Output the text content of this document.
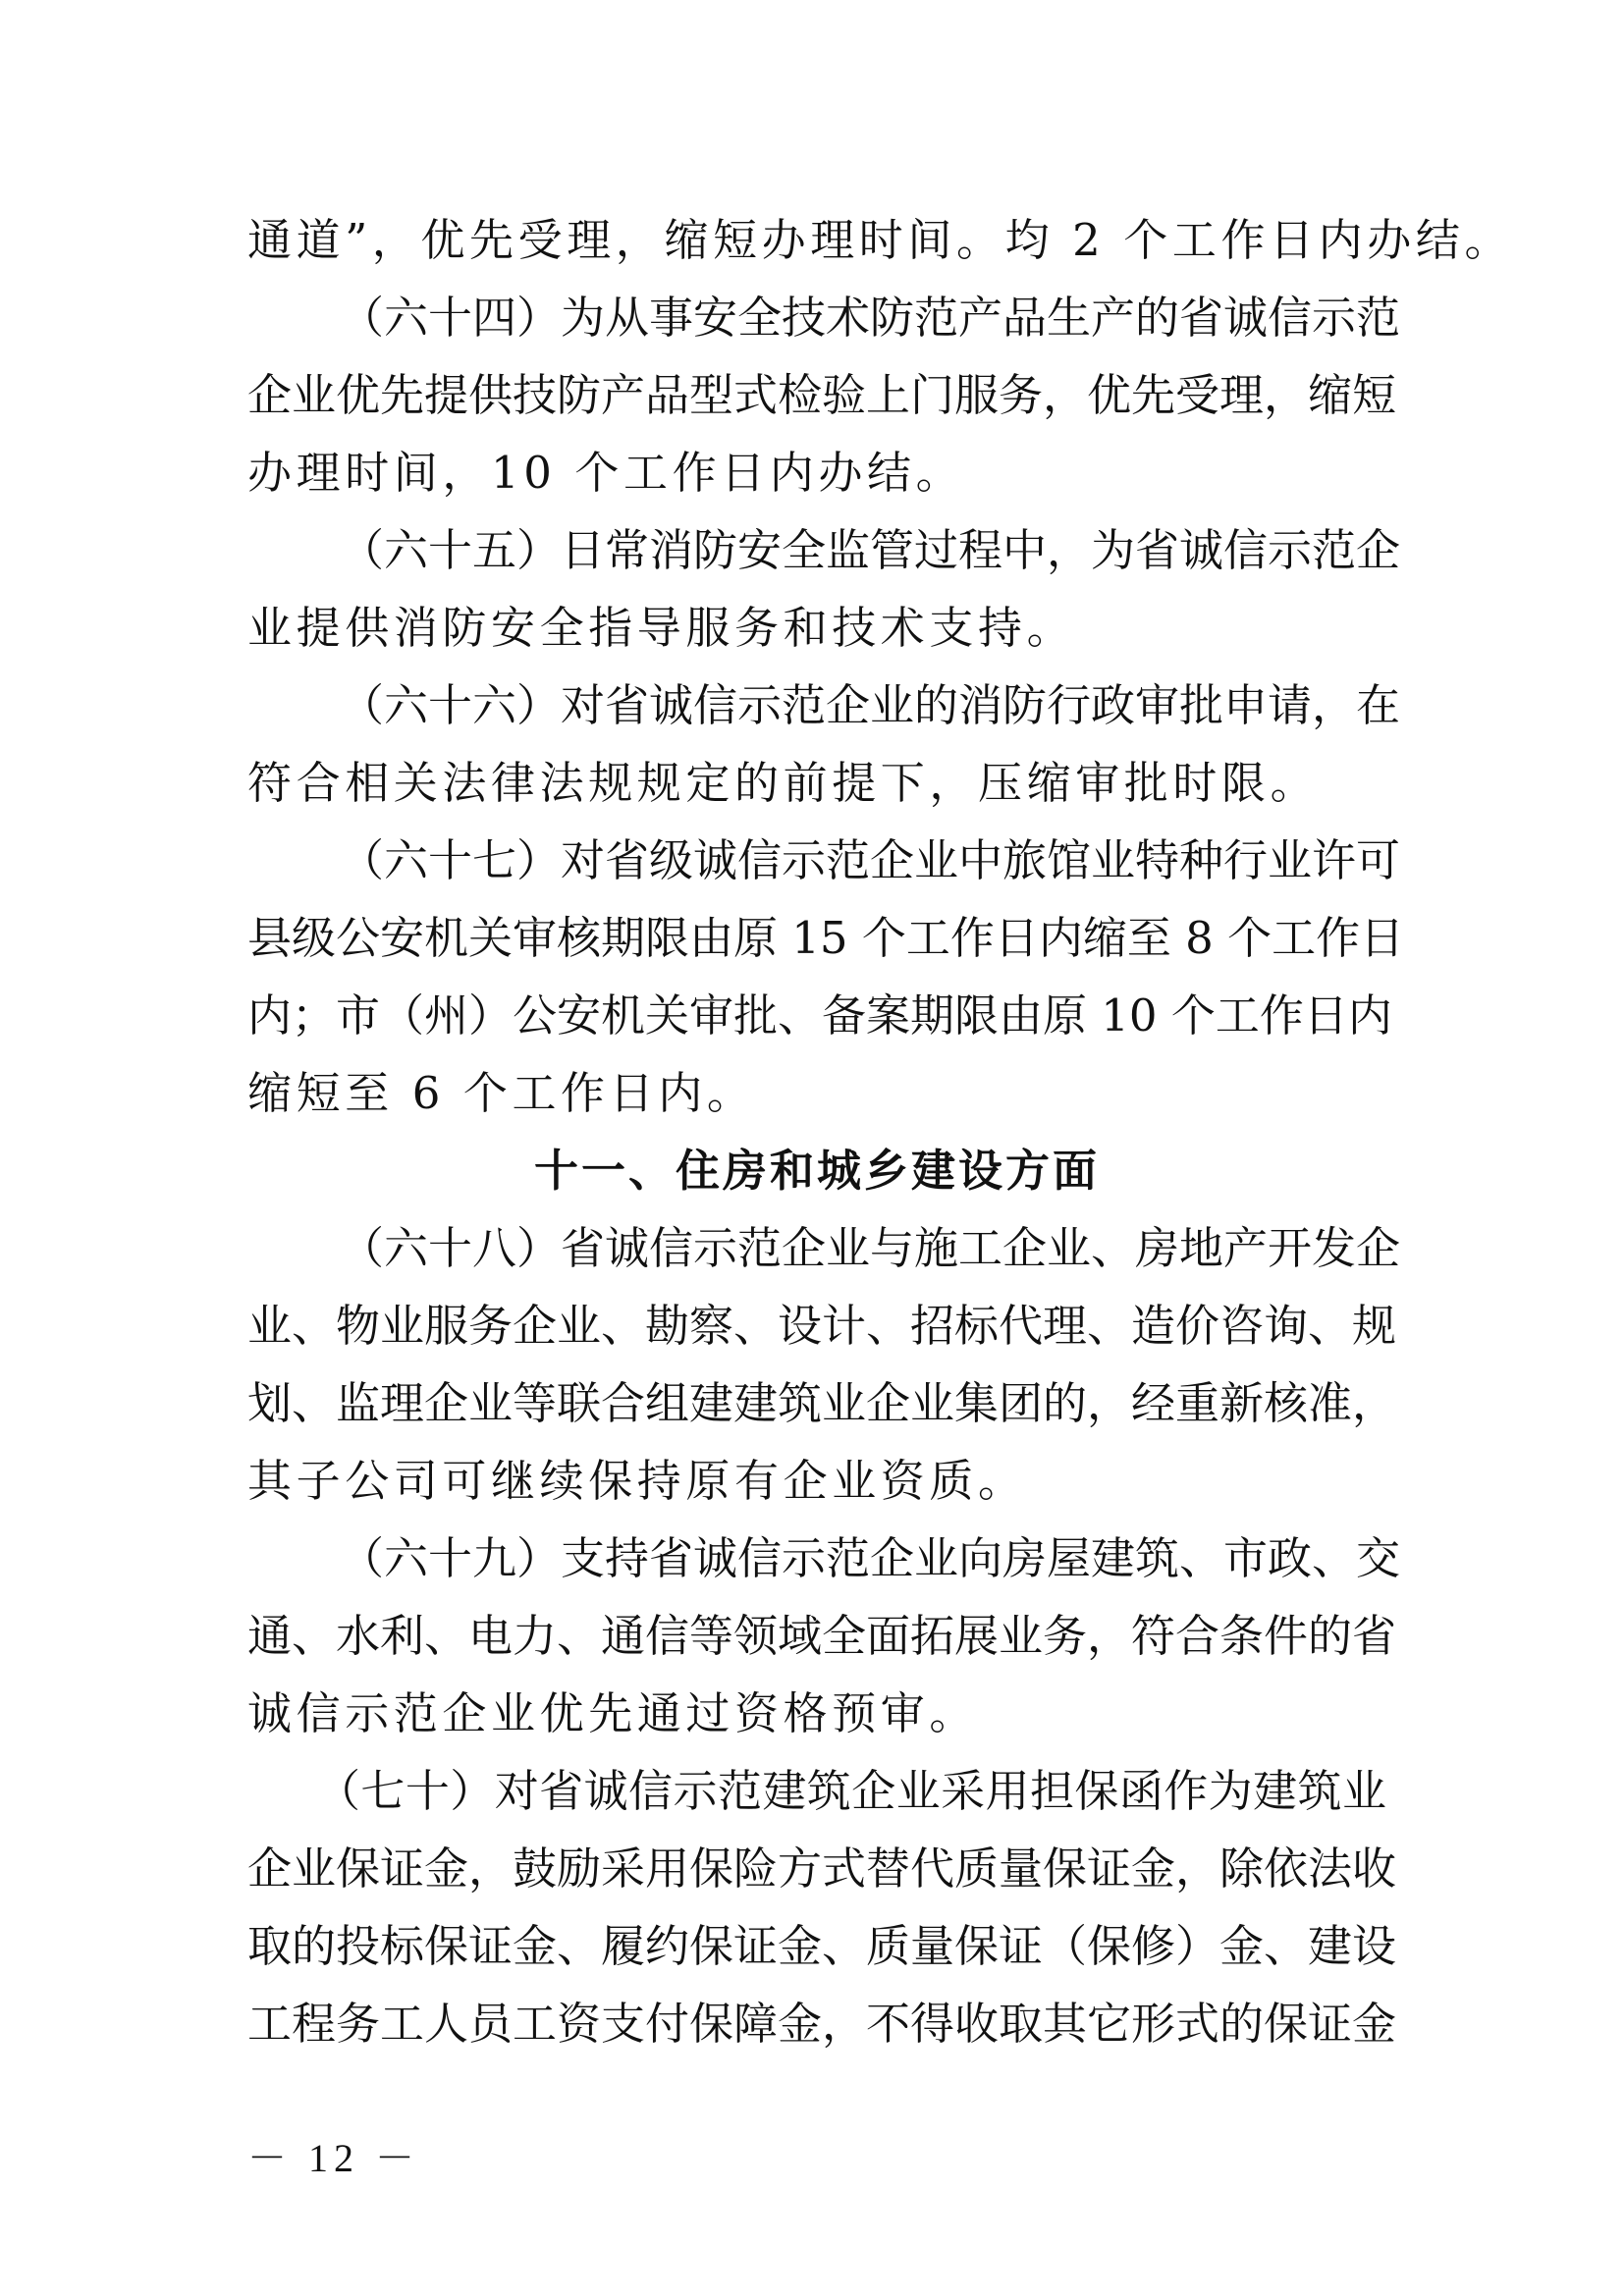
通道”，优先受理，缩短办理时间。均 2 个工作日内办结。
（六十四）为从事安全技术防范产品生产的省诚信示范
企业优先提供技防产品型式检验上门服务，优先受理，缩短
办理时间，10 个工作日内办结。
（六十五）日常消防安全监管过程中，为省诚信示范企
业提供消防安全指导服务和技术支持。
（六十六）对省诚信示范企业的消防行政审批申请，在
符合相关法律法规规定的前提下，压缩审批时限。
（六十七）对省级诚信示范企业中旅馆业特种行业许可
县级公安机关审核期限由原 15 个工作日内缩至 8 个工作日
内；市（州）公安机关审批、备案期限由原 10 个工作日内
缩短至 6 个工作日内。
十一、住房和城乡建设方面
（六十八）省诚信示范企业与施工企业、房地产开发企
业、物业服务企业、勘察、设计、招标代理、造价咨询、规
划、监理企业等联合组建建筑业企业集团的，经重新核准，
其子公司可继续保持原有企业资质。
（六十九）支持省诚信示范企业向房屋建筑、市政、交
通、水利、电力、通信等领域全面拓展业务，符合条件的省
诚信示范企业优先通过资格预审。
（七十）对省诚信示范建筑企业采用担保函作为建筑业
企业保证金，鼓励采用保险方式替代质量保证金，除依法收
取的投标保证金、履约保证金、质量保证（保修）金、建设
工程务工人员工资支付保障金，不得收取其它形式的保证金
－ 12 －
